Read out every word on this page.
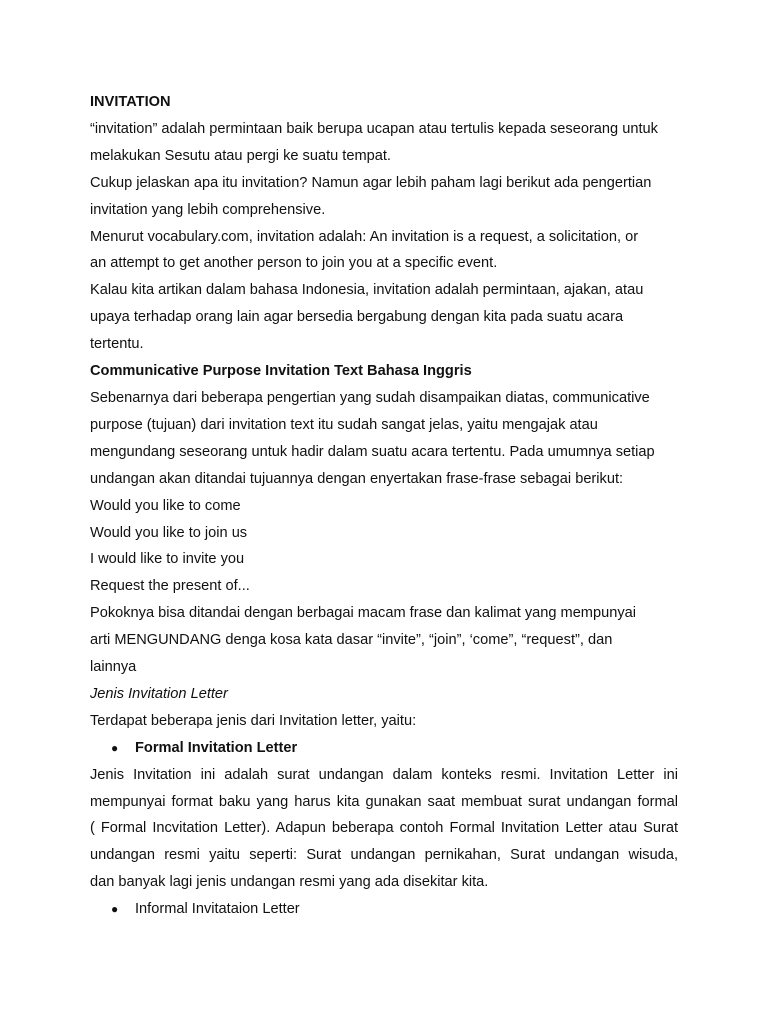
INVITATION
“invitation” adalah permintaan baik berupa ucapan atau tertulis kepada seseorang untuk
melakukan Sesutu atau pergi ke suatu tempat.
Cukup jelaskan apa itu invitation? Namun agar lebih paham lagi berikut ada pengertian
invitation yang lebih comprehensive.
Menurut vocabulary.com, invitation adalah: An invitation is a request, a solicitation, or
an attempt to get another person to join you at a specific event.
Kalau kita artikan dalam bahasa Indonesia, invitation adalah permintaan, ajakan, atau
upaya terhadap orang lain agar bersedia bergabung dengan kita pada suatu acara
tertentu.
Communicative Purpose Invitation Text Bahasa Inggris
Sebenarnya dari beberapa pengertian yang sudah disampaikan diatas, communicative
purpose (tujuan) dari invitation text itu sudah sangat jelas, yaitu mengajak atau
mengundang seseorang untuk hadir dalam suatu acara tertentu. Pada umumnya setiap
undangan akan ditandai tujuannya dengan enyertakan frase-frase sebagai berikut:
Would you like to come
Would you like to join us
I would like to invite you
Request the present of...
Pokoknya bisa ditandai dengan berbagai macam frase dan kalimat yang mempunyai
arti MENGUNDANG denga kosa kata dasar “invite”, “join”, ‘come”, “request”, dan
lainnya
Jenis Invitation Letter
Terdapat beberapa jenis dari Invitation letter, yaitu:
● Formal Invitation Letter
Jenis Invitation ini adalah surat undangan dalam konteks resmi. Invitation Letter ini
mempunyai format baku yang harus kita gunakan saat membuat surat undangan formal
( Formal Incvitation Letter). Adapun beberapa contoh Formal Invitation Letter atau Surat
undangan resmi yaitu seperti: Surat undangan pernikahan, Surat undangan wisuda,
dan banyak lagi jenis undangan resmi yang ada disekitar kita.
● Informal Invitataion Letter
